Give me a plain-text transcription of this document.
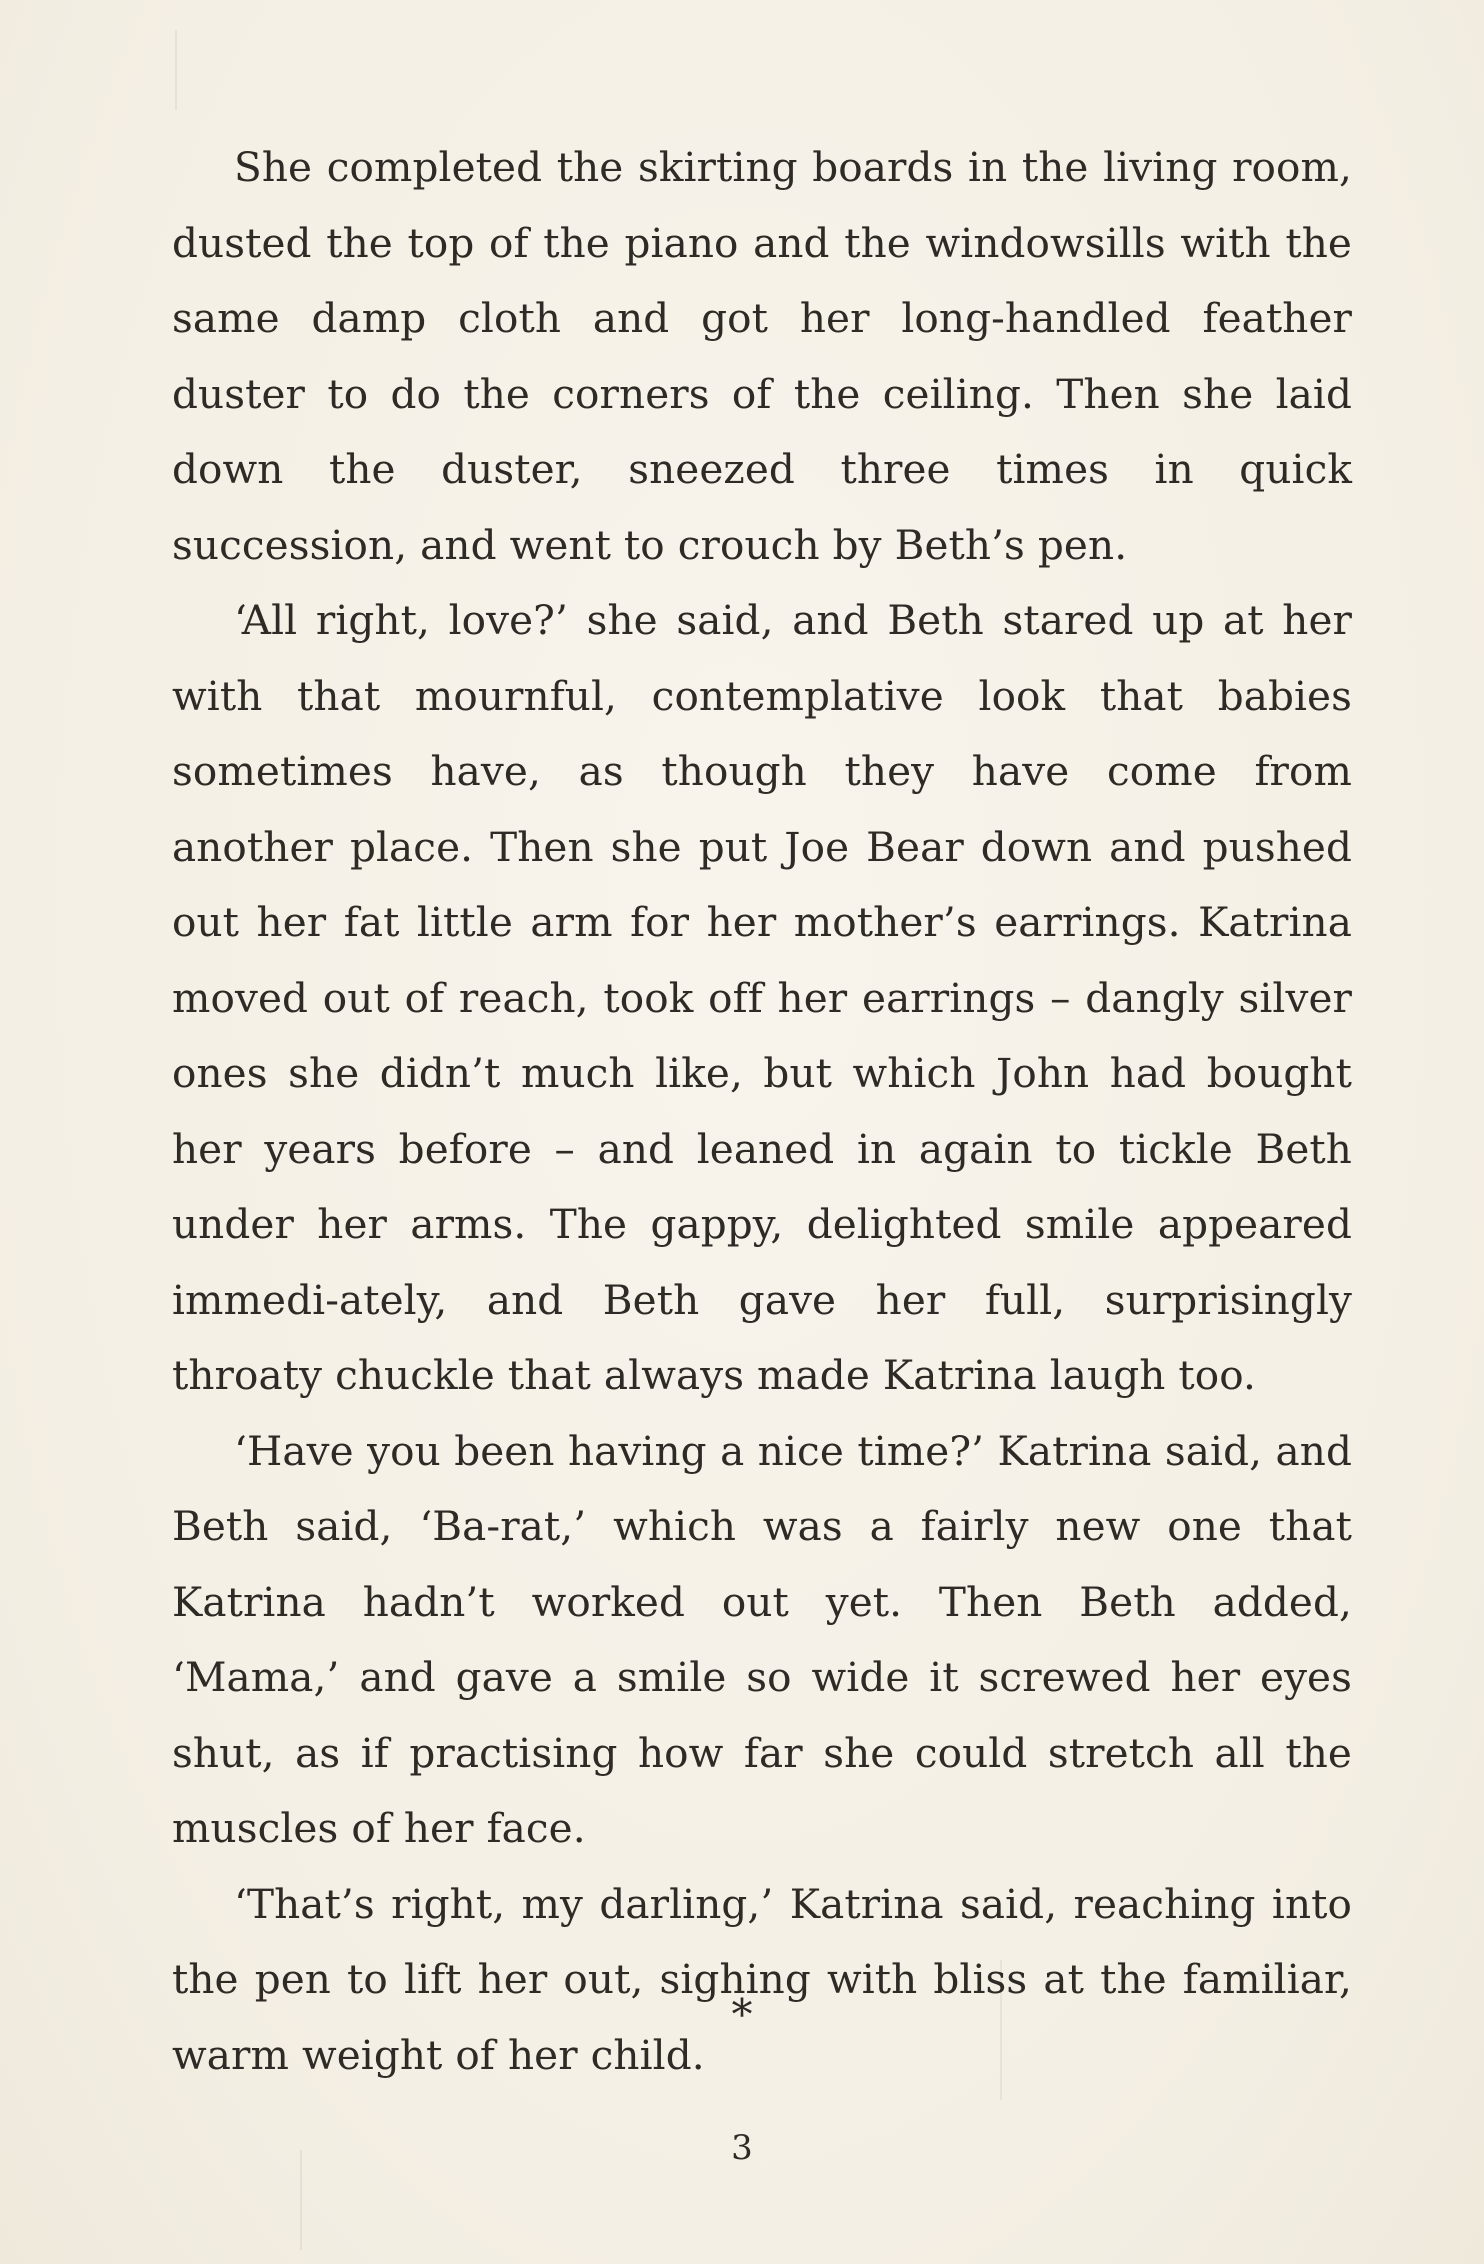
She completed the skirting boards in the living room, dusted the top of the piano and the windowsills with the same damp cloth and got her long-handled feather duster to do the corners of the ceiling. Then she laid down the duster, sneezed three times in quick succession, and went to crouch by Beth’s pen.

‘All right, love?’ she said, and Beth stared up at her with that mournful, contemplative look that babies sometimes have, as though they have come from another place. Then she put Joe Bear down and pushed out her fat little arm for her mother’s earrings. Katrina moved out of reach, took off her earrings – dangly silver ones she didn’t much like, but which John had bought her years before – and leaned in again to tickle Beth under her arms. The gappy, delighted smile appeared immedi-ately, and Beth gave her full, surprisingly throaty chuckle that always made Katrina laugh too.

‘Have you been having a nice time?’ Katrina said, and Beth said, ‘Ba-rat,’ which was a fairly new one that Katrina hadn’t worked out yet. Then Beth added, ‘Mama,’ and gave a smile so wide it screwed her eyes shut, as if practising how far she could stretch all the muscles of her face.

‘That’s right, my darling,’ Katrina said, reaching into the pen to lift her out, sighing with bliss at the familiar, warm weight of her child.

*
3
